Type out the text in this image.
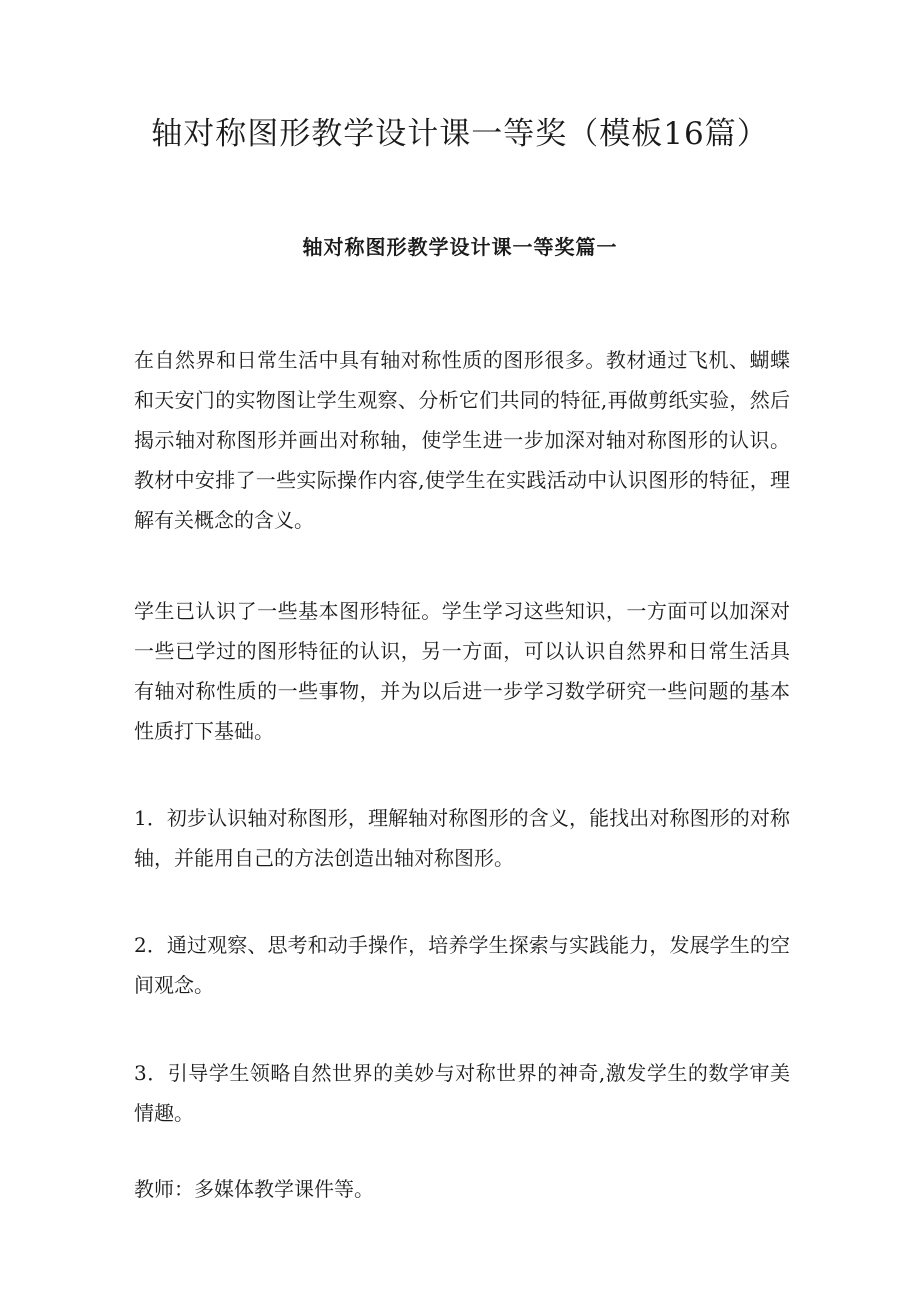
轴对称图形教学设计课一等奖（模板16篇）
轴对称图形教学设计课一等奖篇一

在自然界和日常生活中具有轴对称性质的图形很多。教材通过飞机、蝴蝶和天安门的实物图让学生观察、分析它们共同的特征,再做剪纸实验，然后揭示轴对称图形并画出对称轴，使学生进一步加深对轴对称图形的认识。教材中安排了一些实际操作内容,使学生在实践活动中认识图形的特征，理解有关概念的含义。

学生已认识了一些基本图形特征。学生学习这些知识，一方面可以加深对一些已学过的图形特征的认识，另一方面，可以认识自然界和日常生活具有轴对称性质的一些事物，并为以后进一步学习数学研究一些问题的基本性质打下基础。

1．初步认识轴对称图形，理解轴对称图形的含义，能找出对称图形的对称轴，并能用自己的方法创造出轴对称图形。

2．通过观察、思考和动手操作，培养学生探索与实践能力，发展学生的空间观念。

3．引导学生领略自然世界的美妙与对称世界的神奇,激发学生的数学审美情趣。

教师：多媒体教学课件等。
